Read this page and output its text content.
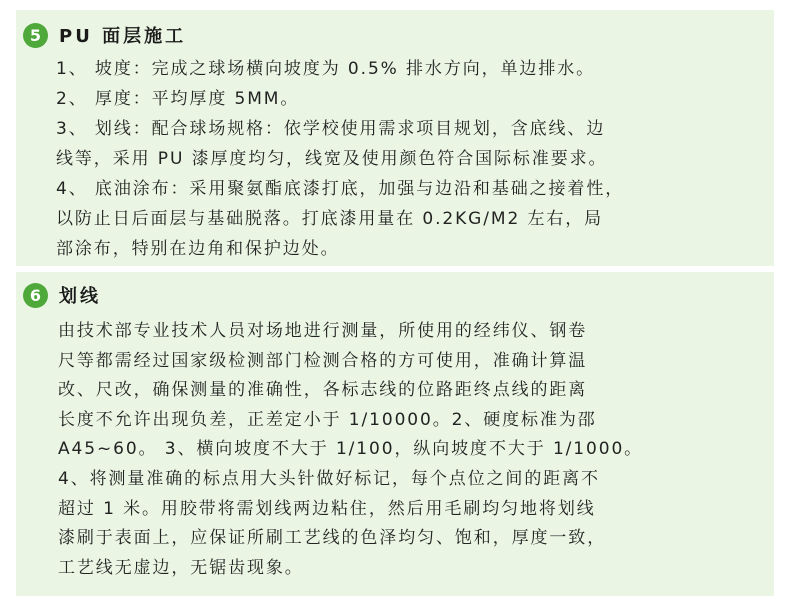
5 PU 面层施工
1、 坡度：完成之球场横向坡度为 0.5% 排水方向，单边排水。
2、 厚度：平均厚度 5MM。
3、 划线：配合球场规格：依学校使用需求项目规划，含底线、边
线等，采用 PU 漆厚度均匀，线宽及使用颜色符合国际标准要求。
4、 底油涂布：采用聚氨酯底漆打底，加强与边沿和基础之接着性，
以防止日后面层与基础脱落。打底漆用量在 0.2KG/M2 左右，局
部涂布，特别在边角和保护边处。
6 划线
由技术部专业技术人员对场地进行测量，所使用的经纬仪、钢卷
尺等都需经过国家级检测部门检测合格的方可使用，准确计算温
改、尺改，确保测量的准确性，各标志线的位路距终点线的距离
长度不允许出现负差，正差定小于 1/10000。2、硬度标准为邵
A45~60。 3、横向坡度不大于 1/100，纵向坡度不大于 1/1000。
4、将测量准确的标点用大头针做好标记，每个点位之间的距离不
超过 1 米。用胶带将需划线两边粘住，然后用毛刷均匀地将划线
漆刷于表面上，应保证所刷工艺线的色泽均匀、饱和，厚度一致，
工艺线无虚边，无锯齿现象。
